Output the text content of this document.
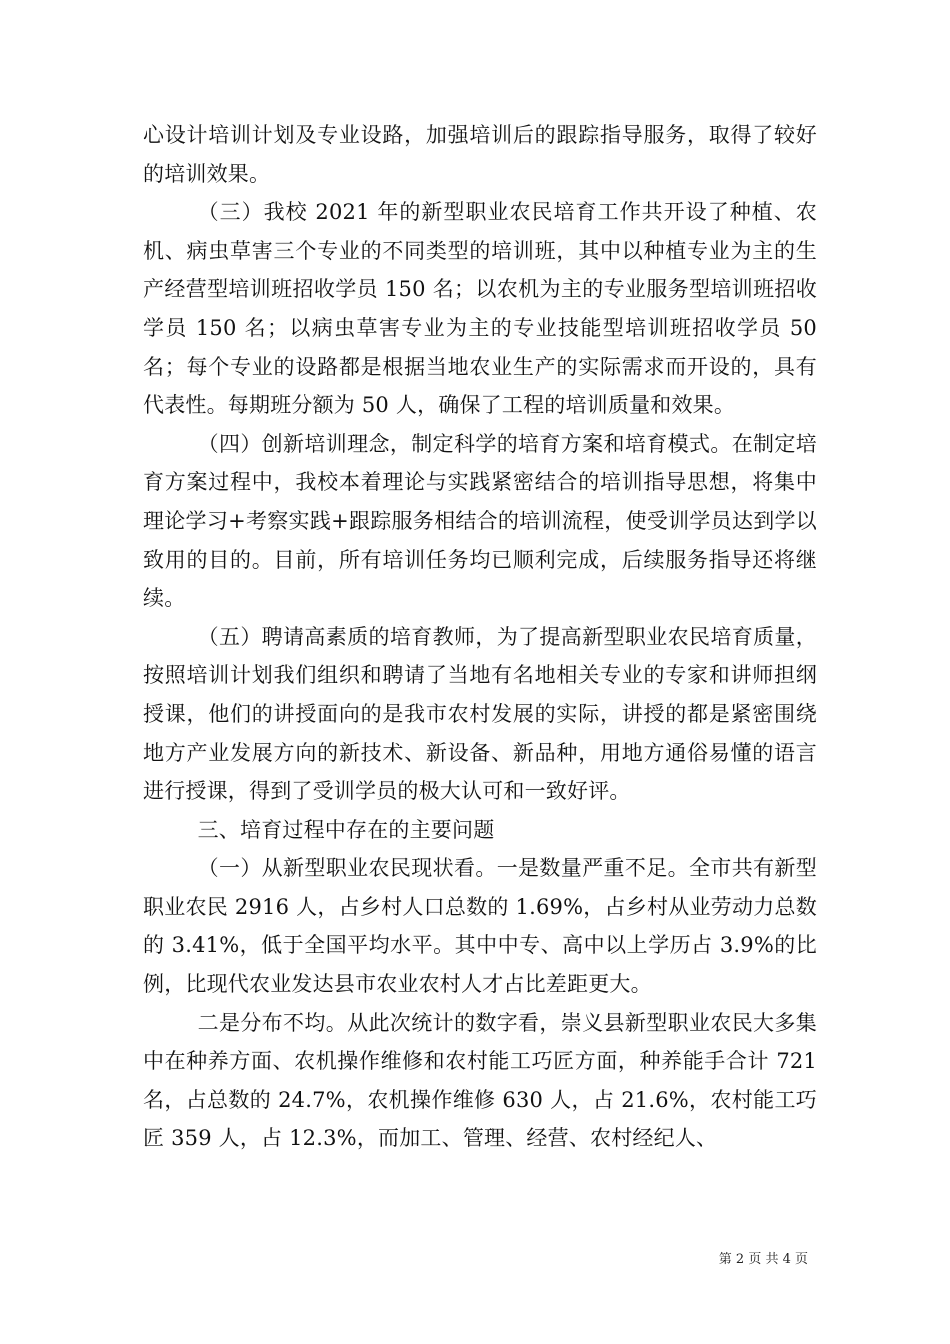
心设计培训计划及专业设路，加强培训后的跟踪指导服务，取得了较好的培训效果。

（三）我校 2021 年的新型职业农民培育工作共开设了种植、农机、病虫草害三个专业的不同类型的培训班，其中以种植专业为主的生产经营型培训班招收学员 150 名；以农机为主的专业服务型培训班招收学员 150 名；以病虫草害专业为主的专业技能型培训班招收学员 50 名；每个专业的设路都是根据当地农业生产的实际需求而开设的，具有代表性。每期班分额为 50 人，确保了工程的培训质量和效果。

（四）创新培训理念，制定科学的培育方案和培育模式。在制定培育方案过程中，我校本着理论与实践紧密结合的培训指导思想，将集中理论学习+考察实践+跟踪服务相结合的培训流程，使受训学员达到学以致用的目的。目前，所有培训任务均已顺利完成，后续服务指导还将继续。

（五）聘请高素质的培育教师，为了提高新型职业农民培育质量，按照培训计划我们组织和聘请了当地有名地相关专业的专家和讲师担纲授课，他们的讲授面向的是我市农村发展的实际，讲授的都是紧密围绕地方产业发展方向的新技术、新设备、新品种，用地方通俗易懂的语言进行授课，得到了受训学员的极大认可和一致好评。

三、培育过程中存在的主要问题

（一）从新型职业农民现状看。一是数量严重不足。全市共有新型职业农民 2916 人，占乡村人口总数的 1.69%，占乡村从业劳动力总数的 3.41%，低于全国平均水平。其中中专、高中以上学历占 3.9%的比例，比现代农业发达县市农业农村人才占比差距更大。

二是分布不均。从此次统计的数字看，崇义县新型职业农民大多集中在种养方面、农机操作维修和农村能工巧匠方面，种养能手合计 721 名，占总数的 24.7%，农机操作维修 630 人，占 21.6%，农村能工巧匠 359 人，占 12.3%，而加工、管理、经营、农村经纪人、

第 2 页 共 4 页
